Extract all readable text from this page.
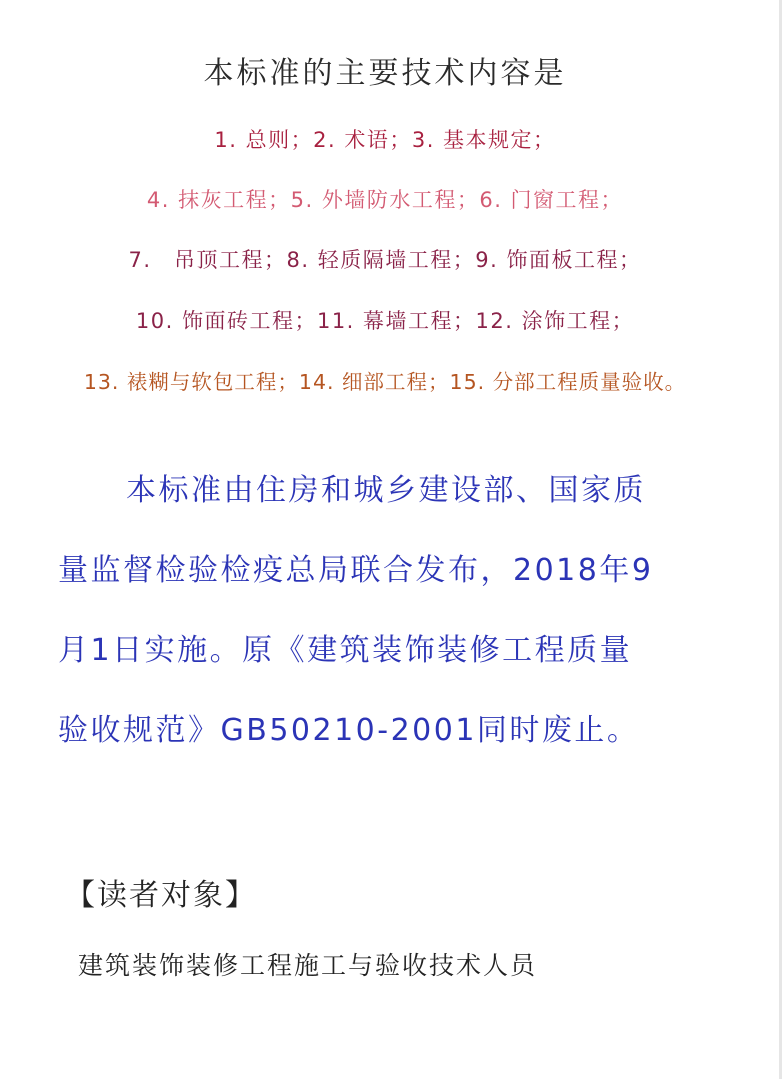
本标准的主要技术内容是
1. 总则；2. 术语；3. 基本规定；
4. 抹灰工程；5. 外墙防水工程；6. 门窗工程；
7.　吊顶工程；8. 轻质隔墙工程；9. 饰面板工程；
10. 饰面砖工程；11. 幕墙工程；12. 涂饰工程；
13. 裱糊与软包工程；14. 细部工程；15. 分部工程质量验收。
本标准由住房和城乡建设部、国家质
量监督检验检疫总局联合发布，2018年9
月1日实施。原《建筑装饰装修工程质量
验收规范》GB50210-2001同时废止。
【读者对象】
建筑装饰装修工程施工与验收技术人员
